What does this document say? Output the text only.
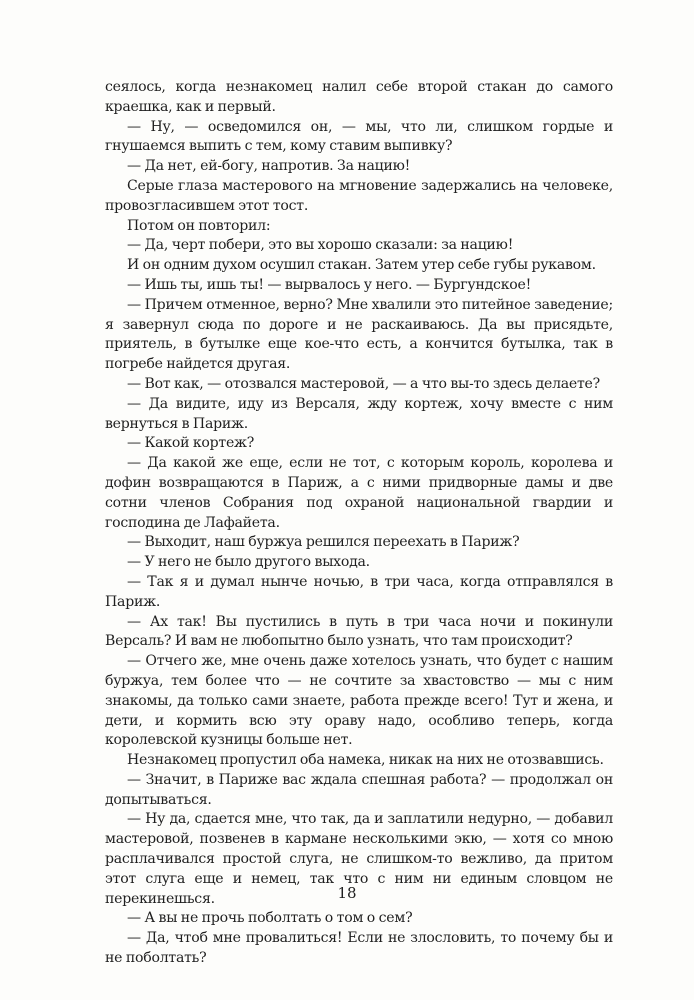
сеялось, когда незнакомец налил себе второй стакан до самого краешка, как и первый.

— Ну, — осведомился он, — мы, что ли, слишком гордые и гнушаемся выпить с тем, кому ставим выпивку?

— Да нет, ей-богу, напротив. За нацию!

Серые глаза мастерового на мгновение задержались на человеке, провозгласившем этот тост.

Потом он повторил:

— Да, черт побери, это вы хорошо сказали: за нацию!

И он одним духом осушил стакан. Затем утер себе губы рукавом.

— Ишь ты, ишь ты! — вырвалось у него. — Бургундское!

— Причем отменное, верно? Мне хвалили это питейное заведение; я завернул сюда по дороге и не раскаиваюсь. Да вы присядьте, приятель, в бутылке еще кое-что есть, а кончится бутылка, так в погребе найдется другая.

— Вот как, — отозвался мастеровой, — а что вы-то здесь делаете?

— Да видите, иду из Версаля, жду кортеж, хочу вместе с ним вернуться в Париж.

— Какой кортеж?

— Да какой же еще, если не тот, с которым король, королева и дофин возвращаются в Париж, а с ними придворные дамы и две сотни членов Собрания под охраной национальной гвардии и господина де Лафайета.

— Выходит, наш буржуа решился переехать в Париж?

— У него не было другого выхода.

— Так я и думал нынче ночью, в три часа, когда отправлялся в Париж.

— Ах так! Вы пустились в путь в три часа ночи и покинули Версаль? И вам не любопытно было узнать, что там происходит?

— Отчего же, мне очень даже хотелось узнать, что будет с нашим буржуа, тем более что — не сочтите за хвастовство — мы с ним знакомы, да только сами знаете, работа прежде всего! Тут и жена, и дети, и кормить всю эту ораву надо, особливо теперь, когда королевской кузницы больше нет.

Незнакомец пропустил оба намека, никак на них не отозвавшись.

— Значит, в Париже вас ждала спешная работа? — продолжал он допытываться.

— Ну да, сдается мне, что так, да и заплатили недурно, — добавил мастеровой, позвенев в кармане несколькими экю, — хотя со мною расплачивался простой слуга, не слишком-то вежливо, да притом этот слуга еще и немец, так что с ним ни единым словцом не перекинешься.

— А вы не прочь поболтать о том о сем?

— Да, чтоб мне провалиться! Если не злословить, то почему бы и не поболтать?

18
